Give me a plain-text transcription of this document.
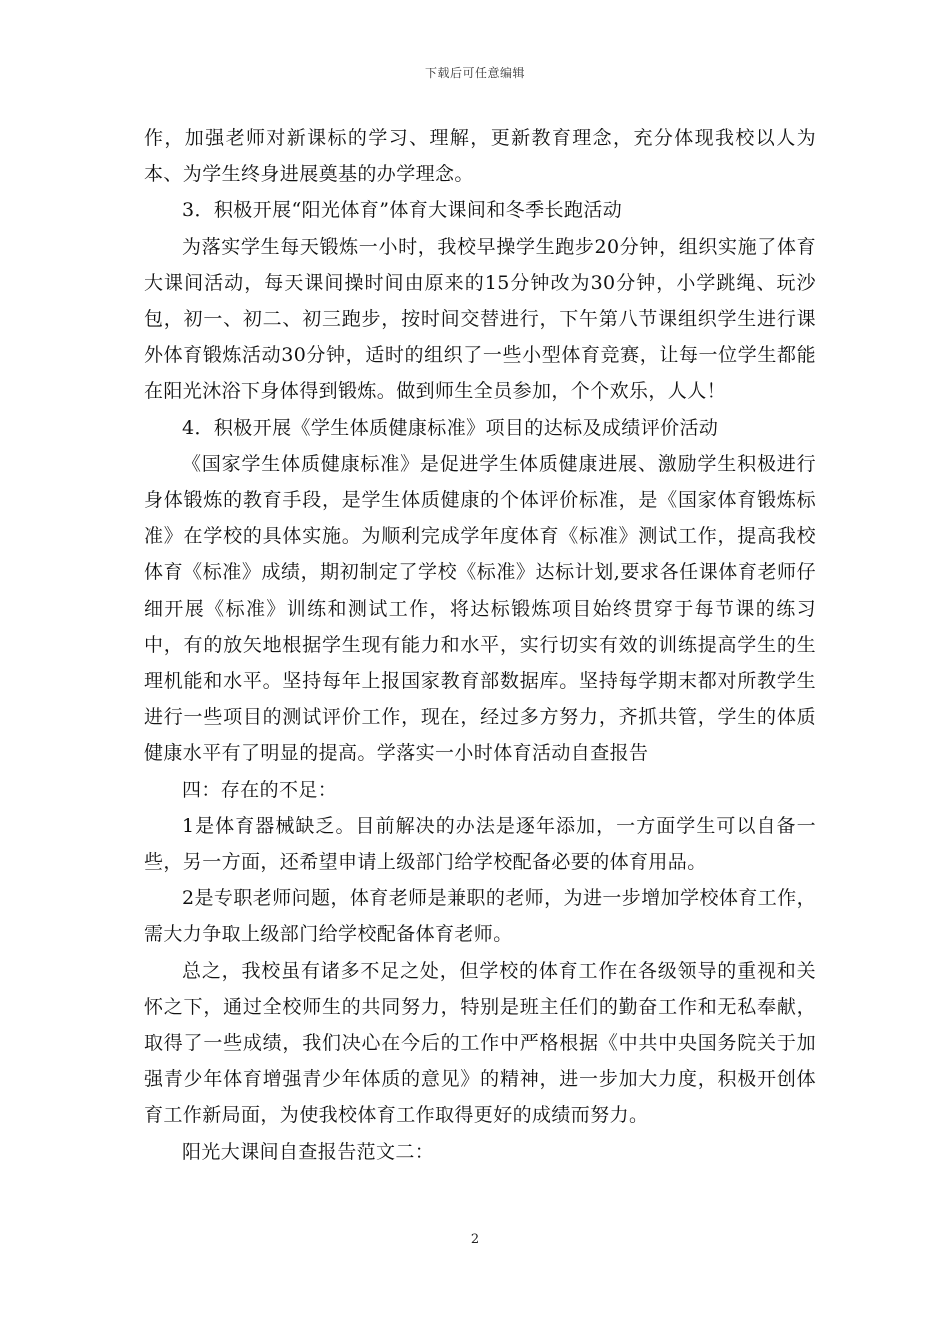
下载后可任意编辑

作，加强老师对新课标的学习、理解，更新教育理念，充分体现我校以人为本、为学生终身进展奠基的办学理念。

3．积极开展“阳光体育”体育大课间和冬季长跑活动

为落实学生每天锻炼一小时，我校早操学生跑步20分钟，组织实施了体育大课间活动，每天课间操时间由原来的15分钟改为30分钟，小学跳绳、玩沙包，初一、初二、初三跑步，按时间交替进行，下午第八节课组织学生进行课外体育锻炼活动30分钟，适时的组织了一些小型体育竞赛，让每一位学生都能在阳光沐浴下身体得到锻炼。做到师生全员参加，个个欢乐，人人！

4．积极开展《学生体质健康标准》项目的达标及成绩评价活动

《国家学生体质健康标准》是促进学生体质健康进展、激励学生积极进行身体锻炼的教育手段，是学生体质健康的个体评价标准，是《国家体育锻炼标准》在学校的具体实施。为顺利完成学年度体育《标准》测试工作，提高我校体育《标准》成绩，期初制定了学校《标准》达标计划,要求各任课体育老师仔细开展《标准》训练和测试工作，将达标锻炼项目始终贯穿于每节课的练习中，有的放矢地根据学生现有能力和水平，实行切实有效的训练提高学生的生理机能和水平。坚持每年上报国家教育部数据库。坚持每学期末都对所教学生进行一些项目的测试评价工作，现在，经过多方努力，齐抓共管，学生的体质健康水平有了明显的提高。学落实一小时体育活动自查报告

四：存在的不足：

1是体育器械缺乏。目前解决的办法是逐年添加，一方面学生可以自备一些，另一方面，还希望申请上级部门给学校配备必要的体育用品。

2是专职老师问题，体育老师是兼职的老师，为进一步增加学校体育工作，需大力争取上级部门给学校配备体育老师。

总之，我校虽有诸多不足之处，但学校的体育工作在各级领导的重视和关怀之下，通过全校师生的共同努力，特别是班主任们的勤奋工作和无私奉献，取得了一些成绩，我们决心在今后的工作中严格根据《中共中央国务院关于加强青少年体育增强青少年体质的意见》的精神，进一步加大力度，积极开创体育工作新局面，为使我校体育工作取得更好的成绩而努力。

阳光大课间自查报告范文二：

2
